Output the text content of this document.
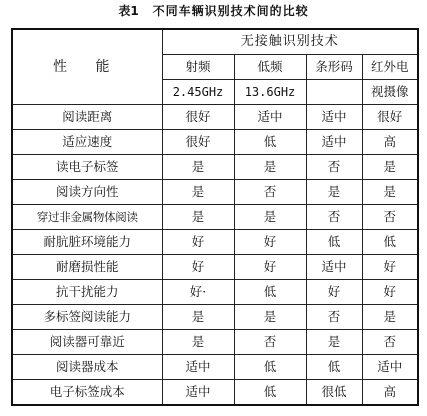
表1 不同车辆识别技术间的比较
性 能	无接触识别技术			
	射频	低频	条形码	红外电
	2.45GHz	13.6GHz		视摄像
阅读距离	很好	适中	适中	很好
适应速度	很好	低	适中	高
读电子标签	是	是	否	是
阅读方向性	是	否	是	是
穿过非金属物体阅读	是	是	否	否
耐肮脏环境能力	好	好	低	低
耐磨损性能	好	好	适中	好
抗干扰能力	好·	低	好	好
多标签阅读能力	是	是	否	是
阅读器可靠近	是	否	是	否
阅读器成本	适中	低	低	适中
电子标签成本	适中	低	很低	高
